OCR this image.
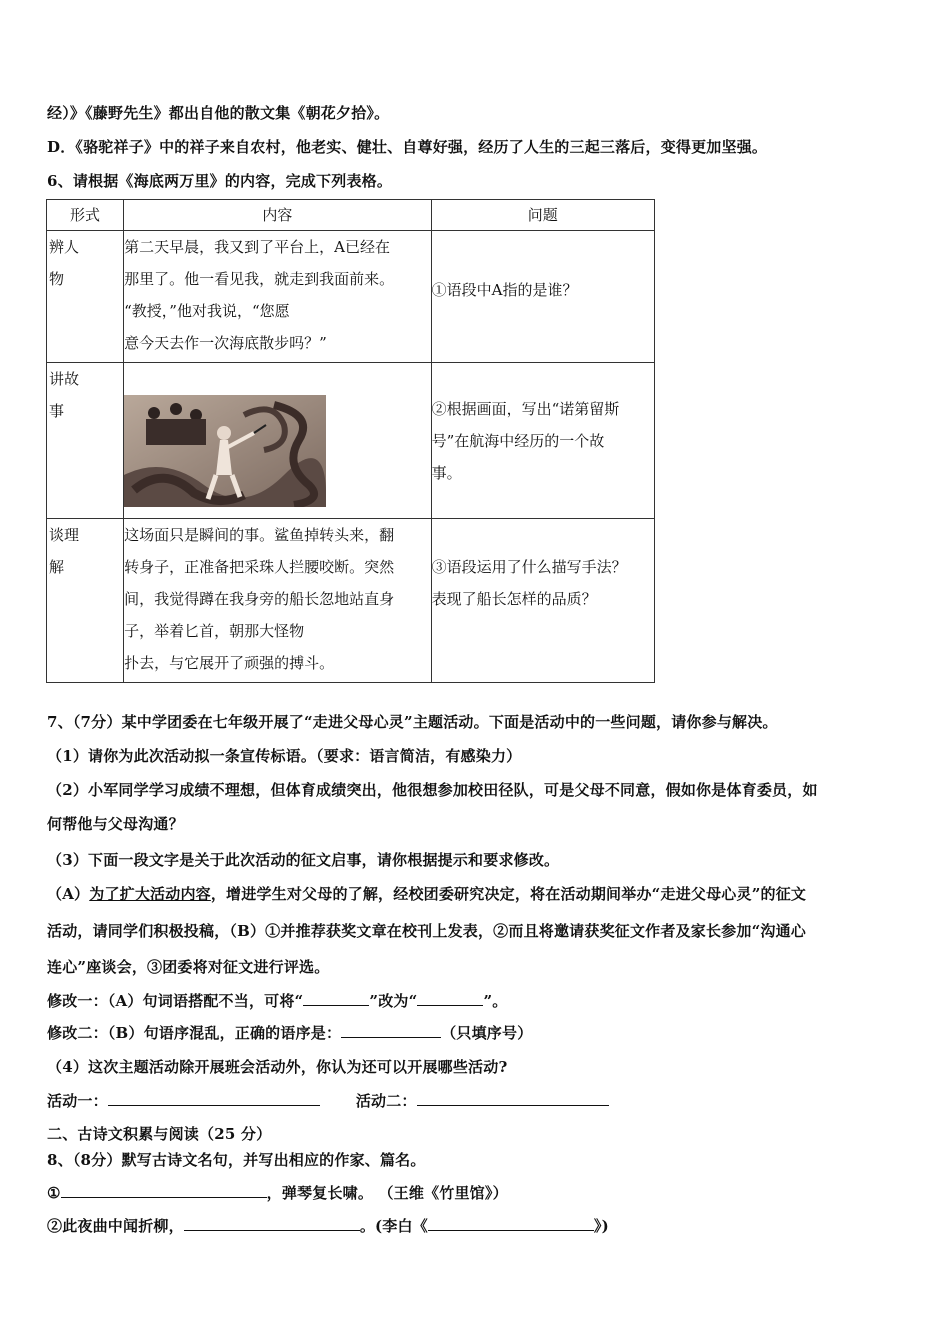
经）》《藤野先生》都出自他的散文集《朝花夕拾》。
D．《骆驼祥子》中的祥子来自农村，他老实、健壮、自尊好强，经历了人生的三起三落后，变得更加坚强。
6、请根据《海底两万里》的内容，完成下列表格。
形式	内容	问题

辨人
物	第二天早晨，我又到了平台上，A已经在
那里了。他一看见我，就走到我面前来。
“教授，”他对我说，“您愿
意今天去作一次海底散步吗？”	①语段中A指的是谁？

讲故
事		②根据画面，写出“诺第留斯
号”在航海中经历的一个故
事。

谈理
解	这场面只是瞬间的事。鲨鱼掉转头来，翻
转身子，正准备把采珠人拦腰咬断。突然
间，我觉得蹲在我身旁的船长忽地站直身
子，举着匕首，朝那大怪物
扑去，与它展开了顽强的搏斗。	③语段运用了什么描写手法？
表现了船长怎样的品质？
7、（7分）某中学团委在七年级开展了“走进父母心灵”主题活动。下面是活动中的一些问题，请你参与解决。
（1）请你为此次活动拟一条宣传标语。（要求：语言简洁，有感染力）
（2）小军同学学习成绩不理想，但体育成绩突出，他很想参加校田径队，可是父母不同意，假如你是体育委员，如
何帮他与父母沟通？
（3）下面一段文字是关于此次活动的征文启事，请你根据提示和要求修改。
（A）为了扩大活动内容，增进学生对父母的了解，经校团委研究决定，将在活动期间举办“走进父母心灵”的征文
活动，请同学们积极投稿，（B）①并推荐获奖文章在校刊上发表，②而且将邀请获奖征文作者及家长参加“沟通心
连心”座谈会，③团委将对征文进行评选。
修改一：（A）句词语搭配不当，可将“	”改为“	”。
修改二：（B）句语序混乱，正确的语序是：	（只填序号）
（4）这次主题活动除开展班会活动外，你认为还可以开展哪些活动?
活动一：	活动二：
二、古诗文积累与阅读（25 分）
8、（8分）默写古诗文名句，并写出相应的作家、篇名。
①	，弹琴复长啸。 （王维《竹里馆》）
②此夜曲中闻折柳，	。(李白《	》)
